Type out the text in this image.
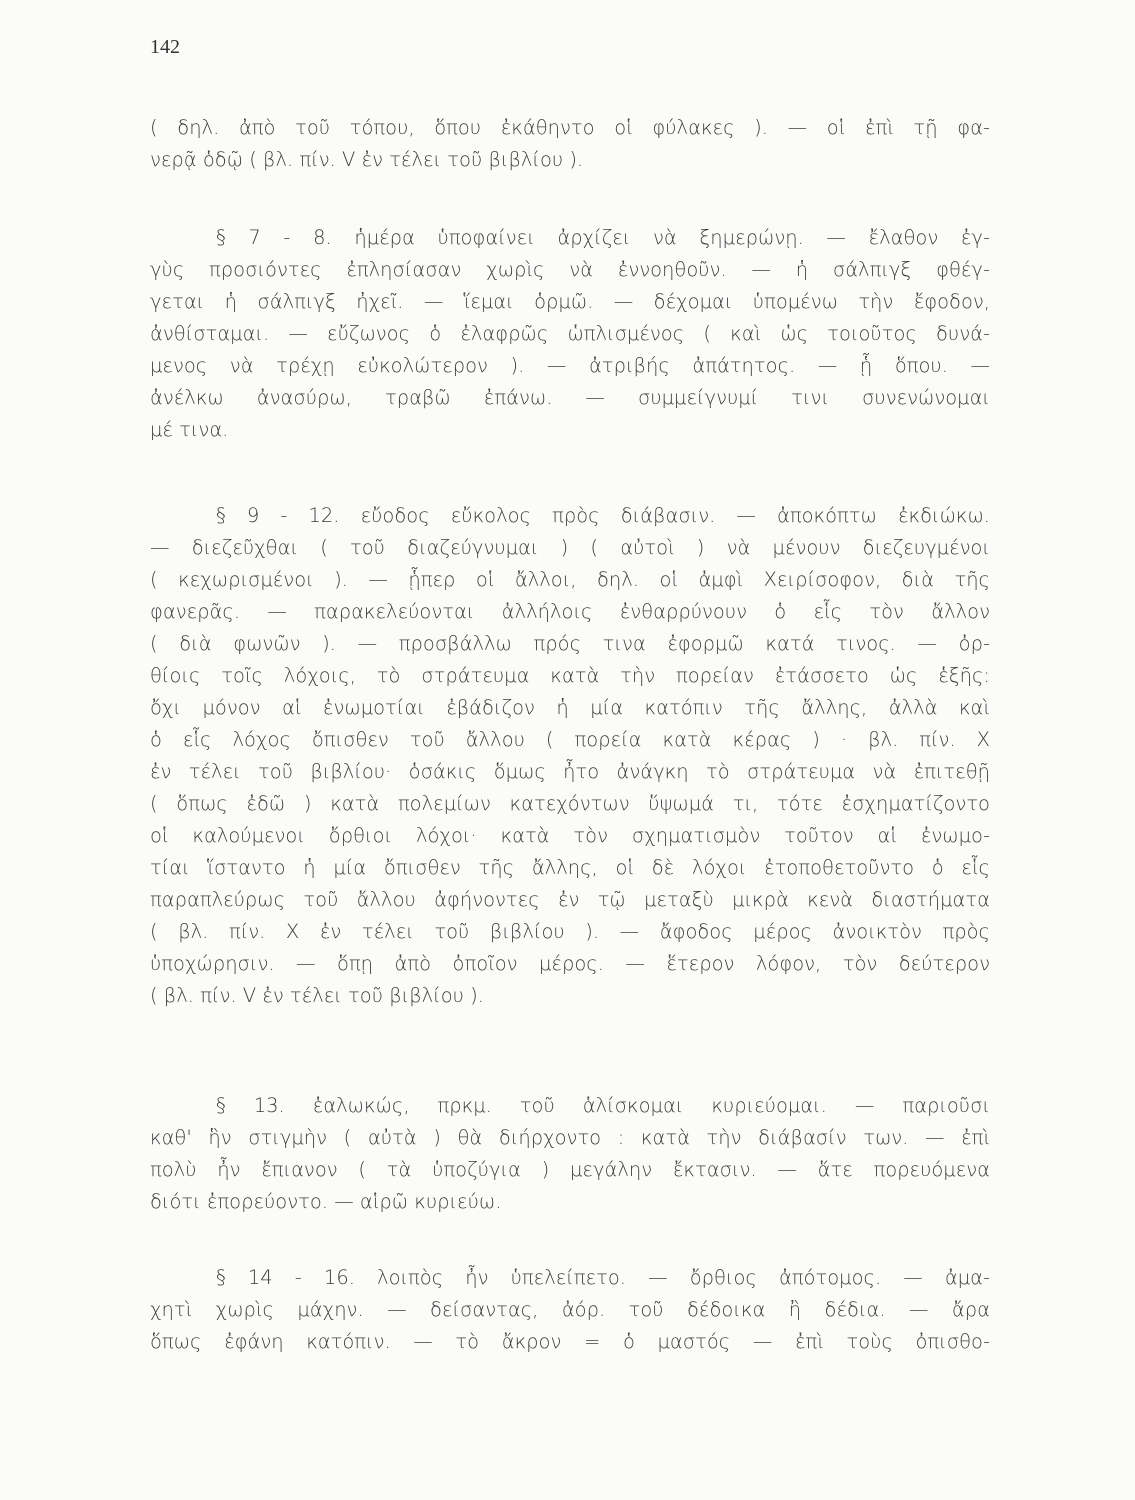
142
( δηλ. ἀπὸ τοῦ τόπου, ὅπου ἐκάθηντο οἱ φύλακες ). — οἱ ἐπὶ τῇ φα-
νερᾷ ὁδῷ ( βλ. πίν. V ἐν τέλει τοῦ βιβλίου ).
§ 7 - 8. ἡμέρα ὑποφαίνει ἀρχίζει νὰ ξημερώνῃ. — ἔλαθον ἐγ-
γὺς προσιόντες ἐπλησίασαν χωρὶς νὰ ἐννοηθοῦν. — ἡ σάλπιγξ φθέγ-
γεται ἡ σάλπιγξ ἠχεῖ. — ἵεμαι ὁρμῶ. — δέχομαι ὑπομένω τὴν ἔφοδον,
ἀνθίσταμαι. — εὔζωνος ὁ ἐλαφρῶς ὡπλισμένος ( καὶ ὡς τοιοῦτος δυνά-
μενος νὰ τρέχῃ εὐκολώτερον ). — ἀτριβής ἀπάτητος. — ᾗ ὅπου. —
ἀνέλκω ἀνασύρω, τραβῶ ἐπάνω. — συμμείγνυμί τινι συνενώνομαι
μέ τινα.
§ 9 - 12. εὔοδος εὔκολος πρὸς διάβασιν. — ἀποκόπτω ἐκδιώκω.
— διεζεῦχθαι ( τοῦ διαζεύγνυμαι ) ( αὐτοὶ ) νὰ μένουν διεζευγμένοι
( κεχωρισμένοι ). — ᾗπερ οἱ ἄλλοι, δηλ. οἱ ἀμφὶ Χειρίσοφον, διὰ τῆς
φανερᾶς. — παρακελεύονται ἀλλήλοις ἐνθαρρύνουν ὁ εἷς τὸν ἄλλον
( διὰ φωνῶν ). — προσβάλλω πρός τινα ἐφορμῶ κατά τινος. — ὀρ-
θίοις τοῖς λόχοις, τὸ στράτευμα κατὰ τὴν πορείαν ἐτάσσετο ὡς ἑξῆς:
ὄχι μόνον αἱ ἐνωμοτίαι ἐβάδιζον ἡ μία κατόπιν τῆς ἄλλης, ἀλλὰ καὶ
ὁ εἷς λόχος ὄπισθεν τοῦ ἄλλου ( πορεία κατὰ κέρας ) · βλ. πίν. X
ἐν τέλει τοῦ βιβλίου· ὁσάκις ὅμως ἦτο ἀνάγκη τὸ στράτευμα νὰ ἐπιτεθῇ
( ὅπως ἐδῶ ) κατὰ πολεμίων κατεχόντων ὕψωμά τι, τότε ἐσχηματίζοντο
οἱ καλούμενοι ὄρθιοι λόχοι· κατὰ τὸν σχηματισμὸν τοῦτον αἱ ἐνωμο-
τίαι ἵσταντο ἡ μία ὄπισθεν τῆς ἄλλης, οἱ δὲ λόχοι ἐτοποθετοῦντο ὁ εἷς
παραπλεύρως τοῦ ἄλλου ἀφήνοντες ἐν τῷ μεταξὺ μικρὰ κενὰ διαστήματα
( βλ. πίν. X ἐν τέλει τοῦ βιβλίου ). — ἄφοδος μέρος ἀνοικτὸν πρὸς
ὑποχώρησιν. — ὅπῃ ἀπὸ ὁποῖον μέρος. — ἕτερον λόφον, τὸν δεύτερον
( βλ. πίν. V ἐν τέλει τοῦ βιβλίου ).
§ 13. ἑαλωκώς, πρκμ. τοῦ ἁλίσκομαι κυριεύομαι. — παριοῦσι
καθ' ἣν στιγμὴν ( αὐτὰ ) θὰ διήρχοντο : κατὰ τὴν διάβασίν των. — ἐπὶ
πολὺ ἦν ἔπιανον ( τὰ ὑποζύγια ) μεγάλην ἔκτασιν. — ἅτε πορευόμενα
διότι ἐπορεύοντο. — αἱρῶ κυριεύω.
§ 14 - 16. λοιπὸς ἦν ὑπελείπετο. — ὄρθιος ἀπότομος. — ἀμα-
χητὶ χωρὶς μάχην. — δείσαντας, ἀόρ. τοῦ δέδοικα ἢ δέδια. — ἄρα
ὅπως ἐφάνη κατόπιν. — τὸ ἄκρον = ὁ μαστός — ἐπὶ τοὺς ὀπισθο-
